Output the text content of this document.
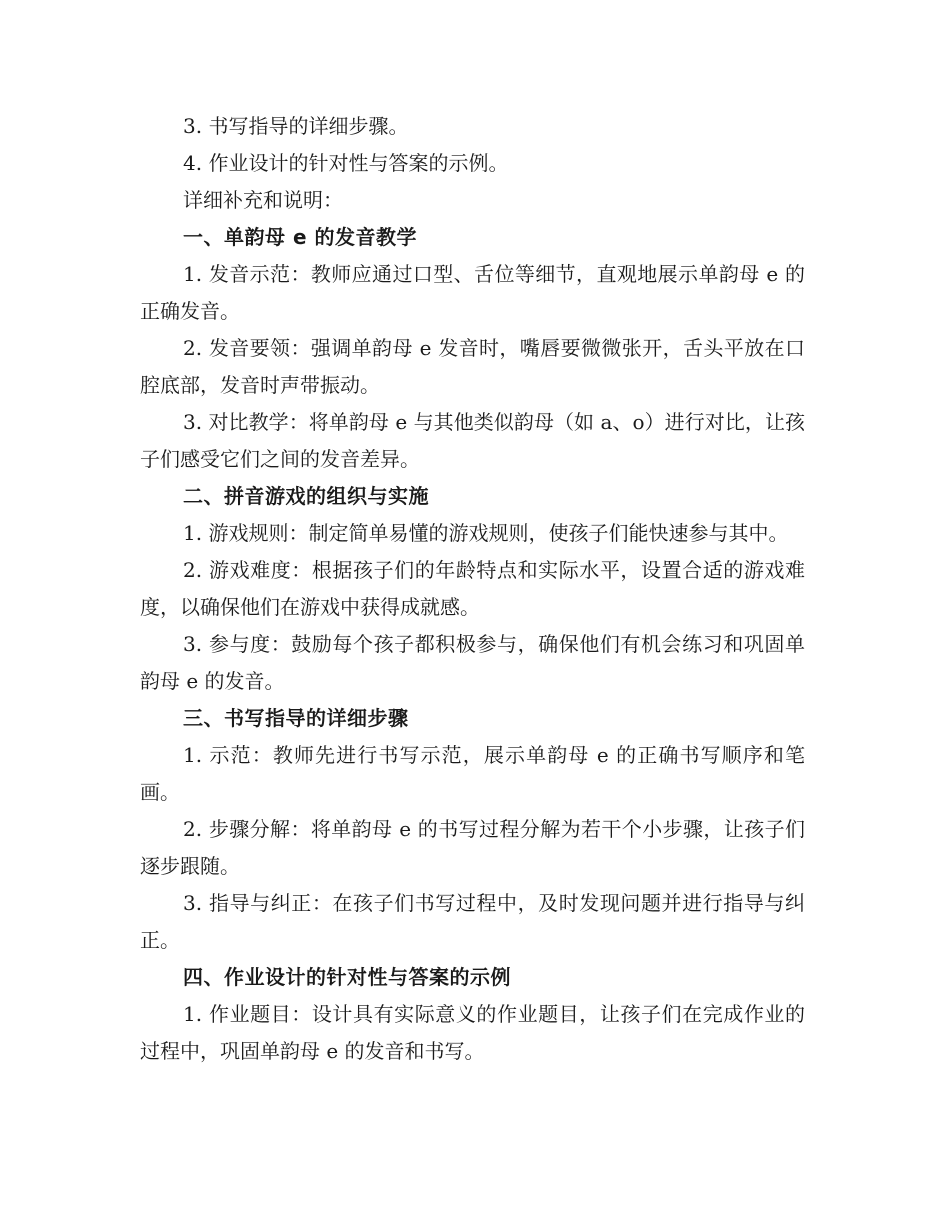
3. 书写指导的详细步骤。

4. 作业设计的针对性与答案的示例。

详细补充和说明：

一、单韵母 e 的发音教学

1. 发音示范：教师应通过口型、舌位等细节，直观地展示单韵母 e 的正确发音。

2. 发音要领：强调单韵母 e 发音时，嘴唇要微微张开，舌头平放在口腔底部，发音时声带振动。

3. 对比教学：将单韵母 e 与其他类似韵母（如 a、o）进行对比，让孩子们感受它们之间的发音差异。

二、拼音游戏的组织与实施

1. 游戏规则：制定简单易懂的游戏规则，使孩子们能快速参与其中。

2. 游戏难度：根据孩子们的年龄特点和实际水平，设置合适的游戏难度，以确保他们在游戏中获得成就感。

3. 参与度：鼓励每个孩子都积极参与，确保他们有机会练习和巩固单韵母 e 的发音。

三、书写指导的详细步骤

1. 示范：教师先进行书写示范，展示单韵母 e 的正确书写顺序和笔画。

2. 步骤分解：将单韵母 e 的书写过程分解为若干个小步骤，让孩子们逐步跟随。

3. 指导与纠正：在孩子们书写过程中，及时发现问题并进行指导与纠正。

四、作业设计的针对性与答案的示例

1. 作业题目：设计具有实际意义的作业题目，让孩子们在完成作业的过程中，巩固单韵母 e 的发音和书写。
